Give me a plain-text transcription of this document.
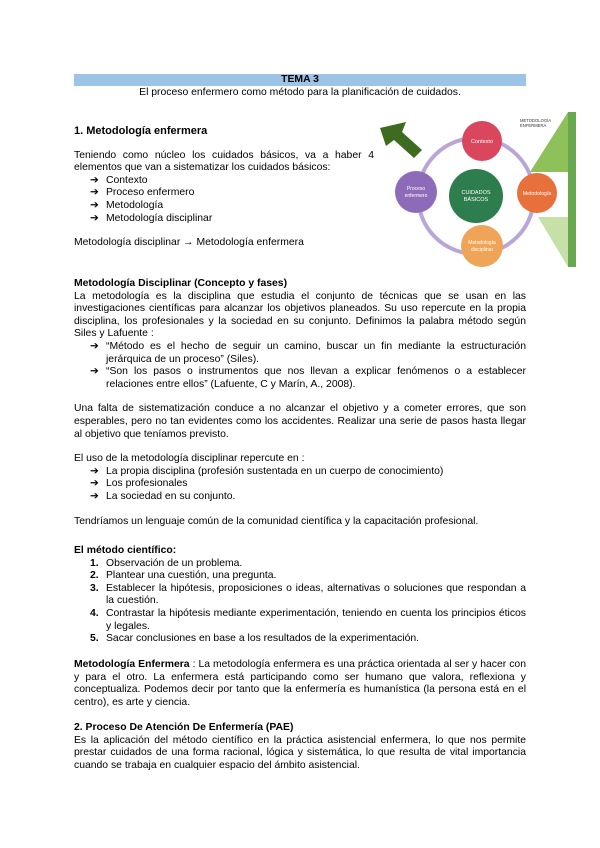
TEMA 3
El proceso enfermero como método para la planificación de cuidados.
1. Metodología enfermera
Teniendo como núcleo los cuidados básicos, va a haber 4 elementos que van a sistematizar los cuidados básicos:
➔ Contexto
➔ Proceso enfermero
➔ Metodología
➔ Metodología disciplinar
Metodología disciplinar → Metodología enfermera
CUIDADOS
BÁSICOS
Contexto
Metodología
Metodología
disciplinar
Proceso
enfermero
METODOLOGÍA
ENFERMERA
Metodología Disciplinar (Concepto y fases)
La metodología es la disciplina que estudia el conjunto de técnicas que se usan en las investigaciones científicas para alcanzar los objetivos planeados. Su uso repercute en la propia disciplina, los profesionales y la sociedad en su conjunto. Definimos la palabra método según Siles y Lafuente :
➔ “Método es el hecho de seguir un camino, buscar un fin mediante la estructuración jerárquica de un proceso” (Siles).
➔ “Son los pasos o instrumentos que nos llevan a explicar fenómenos o a establecer relaciones entre ellos” (Lafuente, C y Marín, A., 2008).
Una falta de sistematización conduce a no alcanzar el objetivo y a cometer errores, que son esperables, pero no tan evidentes como los accidentes. Realizar una serie de pasos hasta llegar al objetivo que teníamos previsto.
El uso de la metodología disciplinar repercute en :
➔ La propia disciplina (profesión sustentada en un cuerpo de conocimiento)
➔ Los profesionales
➔ La sociedad en su conjunto.
Tendríamos un lenguaje común de la comunidad científica y la capacitación profesional.
El método científico:
1. Observación de un problema.
2. Plantear una cuestión, una pregunta.
3. Establecer la hipótesis, proposiciones o ideas, alternativas o soluciones que respondan a la cuestión.
4. Contrastar la hipótesis mediante experimentación, teniendo en cuenta los principios éticos y legales.
5. Sacar conclusiones en base a los resultados de la experimentación.
Metodología Enfermera : La metodología enfermera es una práctica orientada al ser y hacer con y para el otro. La enfermera está participando como ser humano que valora, reflexiona y conceptualiza. Podemos decir por tanto que la enfermería es humanística (la persona está en el centro), es arte y ciencia.
2. Proceso De Atención De Enfermería (PAE)
Es la aplicación del método científico en la práctica asistencial enfermera, lo que nos permite prestar cuidados de una forma racional, lógica y sistemática, lo que resulta de vital importancia cuando se trabaja en cualquier espacio del ámbito asistencial.
